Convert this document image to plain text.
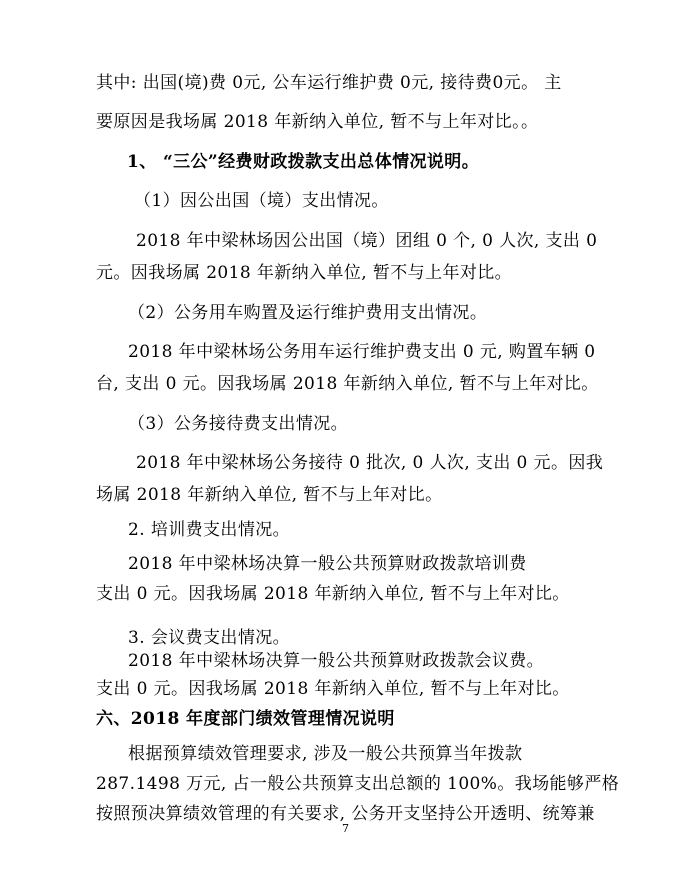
其中: 出国(境)费 0元, 公车运行维护费 0元, 接待费0元。 主
要原因是我场属 2018 年新纳入单位, 暂不与上年对比。。
1、 “三公”经费财政拨款支出总体情况说明。
（1）因公出国（境）支出情况。
2018 年中梁林场因公出国（境）团组 0 个, 0 人次, 支出 0
元。因我场属 2018 年新纳入单位, 暂不与上年对比。
（2）公务用车购置及运行维护费用支出情况。
2018 年中梁林场公务用车运行维护费支出 0 元, 购置车辆 0
台, 支出 0 元。因我场属 2018 年新纳入单位, 暂不与上年对比。
（3）公务接待费支出情况。
2018 年中梁林场公务接待 0 批次, 0 人次, 支出 0 元。因我
场属 2018 年新纳入单位, 暂不与上年对比。
2. 培训费支出情况。
2018 年中梁林场决算一般公共预算财政拨款培训费
支出 0 元。因我场属 2018 年新纳入单位, 暂不与上年对比。
3. 会议费支出情况。
2018 年中梁林场决算一般公共预算财政拨款会议费。
支出 0 元。因我场属 2018 年新纳入单位, 暂不与上年对比。
六、2018 年度部门绩效管理情况说明
根据预算绩效管理要求, 涉及一般公共预算当年拨款
287.1498 万元, 占一般公共预算支出总额的 100%。我场能够严格
按照预决算绩效管理的有关要求, 公务开支坚持公开透明、统筹兼
7
